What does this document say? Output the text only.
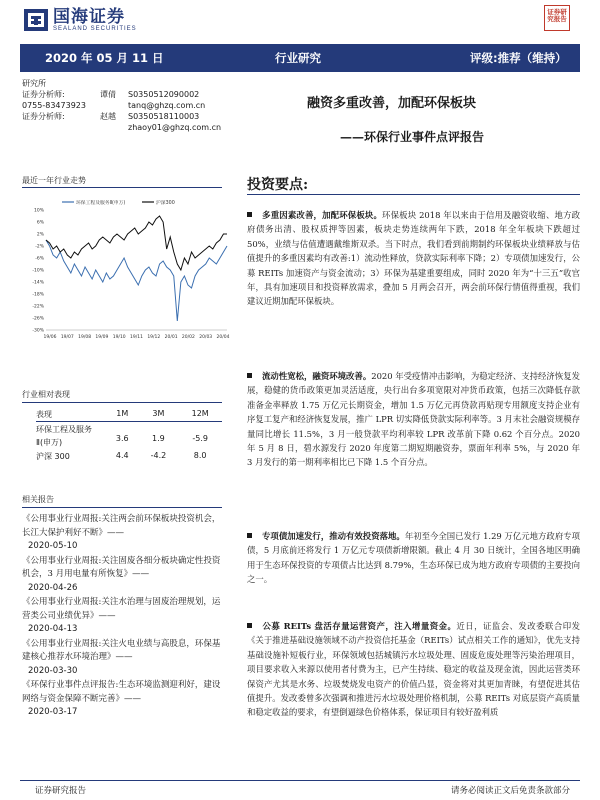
国海证券
SEALAND SECURITIES
证券研究报告
2020 年 05 月 11 日	行业研究	评级:推荐（维持）
研究所
证券分析师:	谭倩	S0350512090002
0755-83473923	tanq@ghzq.com.cn
证券分析师:	赵越	S0350518110003
zhaoy01@ghzq.com.cn
融资多重改善，加配环保板块
——环保行业事件点评报告
最近一年行业走势
环保工程及服务Ⅱ(申万)	沪深300
10%
6%
2%
-2%
-6%
-10%
-14%
-18%
-22%
-26%
-30%
19/06 19/07 19/08 19/09 19/10 19/11 19/12 20/01 20/02 20/03 20/04
行业相对表现
表现	1M	3M	12M
环保工程及服务Ⅱ(申万)	3.6	1.9	-5.9
沪深 300	4.4	-4.2	8.0
相关报告
《公用事业行业周报:关注两会前环保板块投资机会，长江大保护利好不断》——
2020-05-10
《公用事业行业周报:关注固废各细分板块确定性投资机会，3 月用电量有所恢复》——
2020-04-26
《公用事业行业周报:关注水治理与固废治理规划，运营类公司业绩优异》——
2020-04-13
《公用事业行业周报:关注火电业绩与高股息，环保基建核心推荐水环境治理》——
2020-03-30
《环保行业事件点评报告:生态环境监测迎利好，建设网络与资金保障不断完善》——
2020-03-17
投资要点:
多重因素改善，加配环保板块。环保板块 2018 年以来由于信用及融资收缩、地方政府债务出清、股权质押等因素，板块走势连续两年下跌，2018 年全年板块下跌超过 50%，业绩与估值遭遇戴维斯双杀。当下时点，我们看到前期制约环保板块业绩释放与估值提升的多重因素均有改善:1）流动性释放，贷款实际利率下降；2）专项债加速发行，公募 REITs 加速资产与资金流动；3）环保为基建重要组成，同时 2020 年为“十三五”收官年，具有加速项目和投资释放需求，叠加 5 月两会召开，两会前环保行情值得重视，我们建议近期加配环保板块。
流动性宽松，融资环境改善。2020 年受疫情冲击影响，为稳定经济、支持经济恢复发展，稳健的货币政策更加灵活适度，央行出台多项宽限对冲货币政策，包括三次降低存款准备金率释放 1.75 万亿元长期资金，增加 1.5 万亿元再贷款再贴现专用额度支持企业有序复工复产和经济恢复发展，推广 LPR 切实降低贷款实际利率等。3 月末社会融资规模存量同比增长 11.5%，3 月一般贷款平均利率较 LPR 改革前下降 0.62 个百分点。2020 年 5 月 8 日，碧水源发行 2020 年度第二期短期融资券，票面年利率 5%，与 2020 年 3 月发行的第一期利率相比已下降 1.5 个百分点。
专项债加速发行，推动有效投资落地。年初至今全国已发行 1.29 万亿元地方政府专项债，5 月底前还将发行 1 万亿元专项债新增限额。截止 4 月 30 日统计，全国各地区明确用于生态环保投资的专项债占比达到 8.79%，生态环保已成为地方政府专项债的主要投向之一。
公募 REITs 盘活存量运营资产，注入增量资金。近日，证监会、发改委联合印发《关于推进基础设施领域不动产投资信托基金（REITs）试点相关工作的通知》，优先支持基础设施补短板行业，环保领域包括城镇污水垃圾处理、固废危废处理等污染治理项目，项目要求收入来源以使用者付费为主，已产生持续、稳定的收益及现金流，因此运营类环保资产尤其是水务、垃圾焚烧发电资产的价值凸显，资金将对其更加青睐，有望促进其估值提升。发改委曾多次强调和推进污水垃圾处理价格机制，公募 REITs 对底层资产高质量和稳定收益的要求，有望倒逼绿色价格体系，保证项目有较好盈利质
证券研究报告	请务必阅读正文后免责条款部分
